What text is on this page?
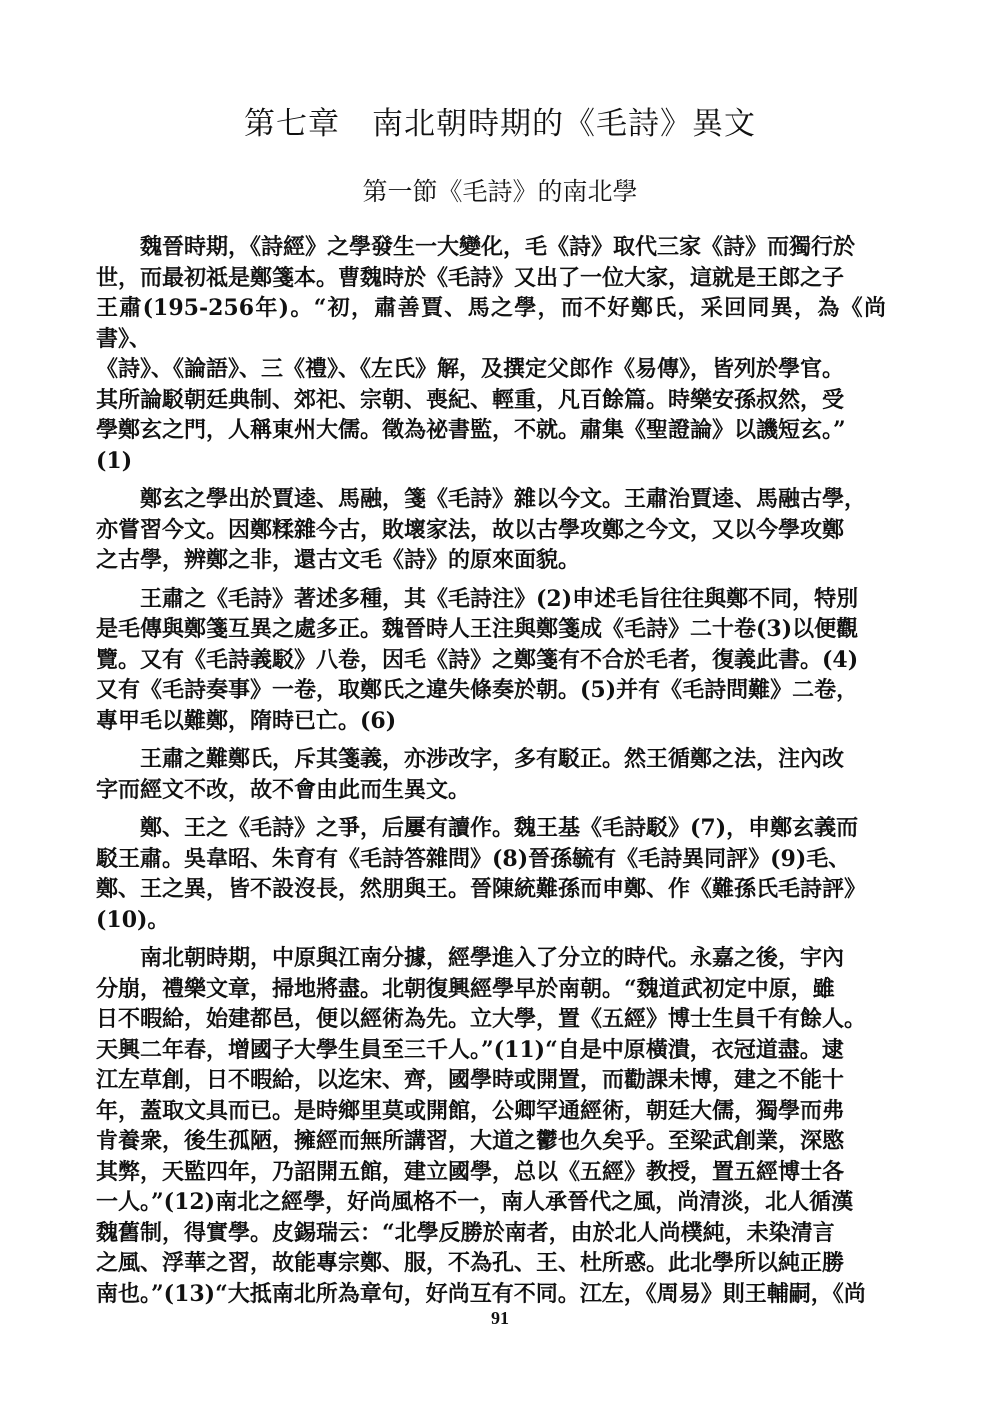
第七章　南北朝時期的《毛詩》異文
第一節《毛詩》的南北學

魏晉時期，《詩經》之學發生一大變化，毛《詩》取代三家《詩》而獨行於
世，而最初祗是鄭箋本。曹魏時於《毛詩》又出了一位大家，這就是王郎之子
王肅(195-256年)。“初，肅善賈、馬之學，而不好鄭氏，采回同異，為《尚書》、
《詩》、《論語》、三《禮》、《左氏》解，及撰定父郎作《易傳》，皆列於學官。
其所論駁朝廷典制、郊祀、宗朝、喪紀、輕重，凡百餘篇。時樂安孫叔然，受
學鄭玄之門，人稱東州大儒。徵為祕書監，不就。肅集《聖證論》以譏短玄。”
(1)

鄭玄之學出於賈逵、馬融，箋《毛詩》雜以今文。王肅治賈逵、馬融古學，
亦嘗習今文。因鄭糅雜今古，敗壞家法，故以古學攻鄭之今文，又以今學攻鄭
之古學，辨鄭之非，還古文毛《詩》的原來面貌。

王肅之《毛詩》著述多種，其《毛詩注》(2)申述毛旨往往與鄭不同，特別
是毛傳與鄭箋互異之處多正。魏晉時人王注與鄭箋成《毛詩》二十卷(3)以便觀
覽。又有《毛詩義駁》八卷，因毛《詩》之鄭箋有不合於毛者，復義此書。(4)
又有《毛詩奏事》一卷，取鄭氏之違失條奏於朝。(5)并有《毛詩問難》二卷，
專甲毛以難鄭，隋時已亡。(6)

王肅之難鄭氏，斥其箋義，亦涉改字，多有駁正。然王循鄭之法，注內改
字而經文不改，故不會由此而生異文。

鄭、王之《毛詩》之爭，后屢有讀作。魏王基《毛詩駁》(7)，申鄭玄義而
駁王肅。吳韋昭、朱育有《毛詩答雜問》(8)晉孫毓有《毛詩異同評》(9)毛、
鄭、王之異，皆不設沒長，然朋與王。晉陳統難孫而申鄭、作《難孫氏毛詩評》
(10)。

南北朝時期，中原與江南分據，經學進入了分立的時代。永嘉之後，宇內
分崩，禮樂文章，掃地將盡。北朝復興經學早於南朝。“魏道武初定中原，雖
日不暇給，始建都邑，便以經術為先。立大學，置《五經》博士生員千有餘人。
天興二年春，增國子大學生員至三千人。”(11)“自是中原橫潰，衣冠道盡。逮
江左草創，日不暇給，以迄宋、齊，國學時或開置，而勸課未博，建之不能十
年，蓋取文具而已。是時鄉里莫或開館，公卿罕通經術，朝廷大儒，獨學而弗
肯養衆，後生孤陋，擁經而無所講習，大道之鬱也久矣乎。至梁武創業，深愍
其弊，天監四年，乃詔開五館，建立國學，总以《五經》教授，置五經博士各
一人。”(12)南北之經學，好尚風格不一，南人承晉代之風，尚清淡，北人循漢
魏舊制，得實學。皮錫瑞云：“北學反勝於南者，由於北人尚樸純，未染清言
之風、浮華之習，故能專宗鄭、服，不為孔、王、杜所惑。此北學所以純正勝
南也。”(13)“大抵南北所為章句，好尚互有不同。江左，《周易》則王輔嗣，《尚

91
